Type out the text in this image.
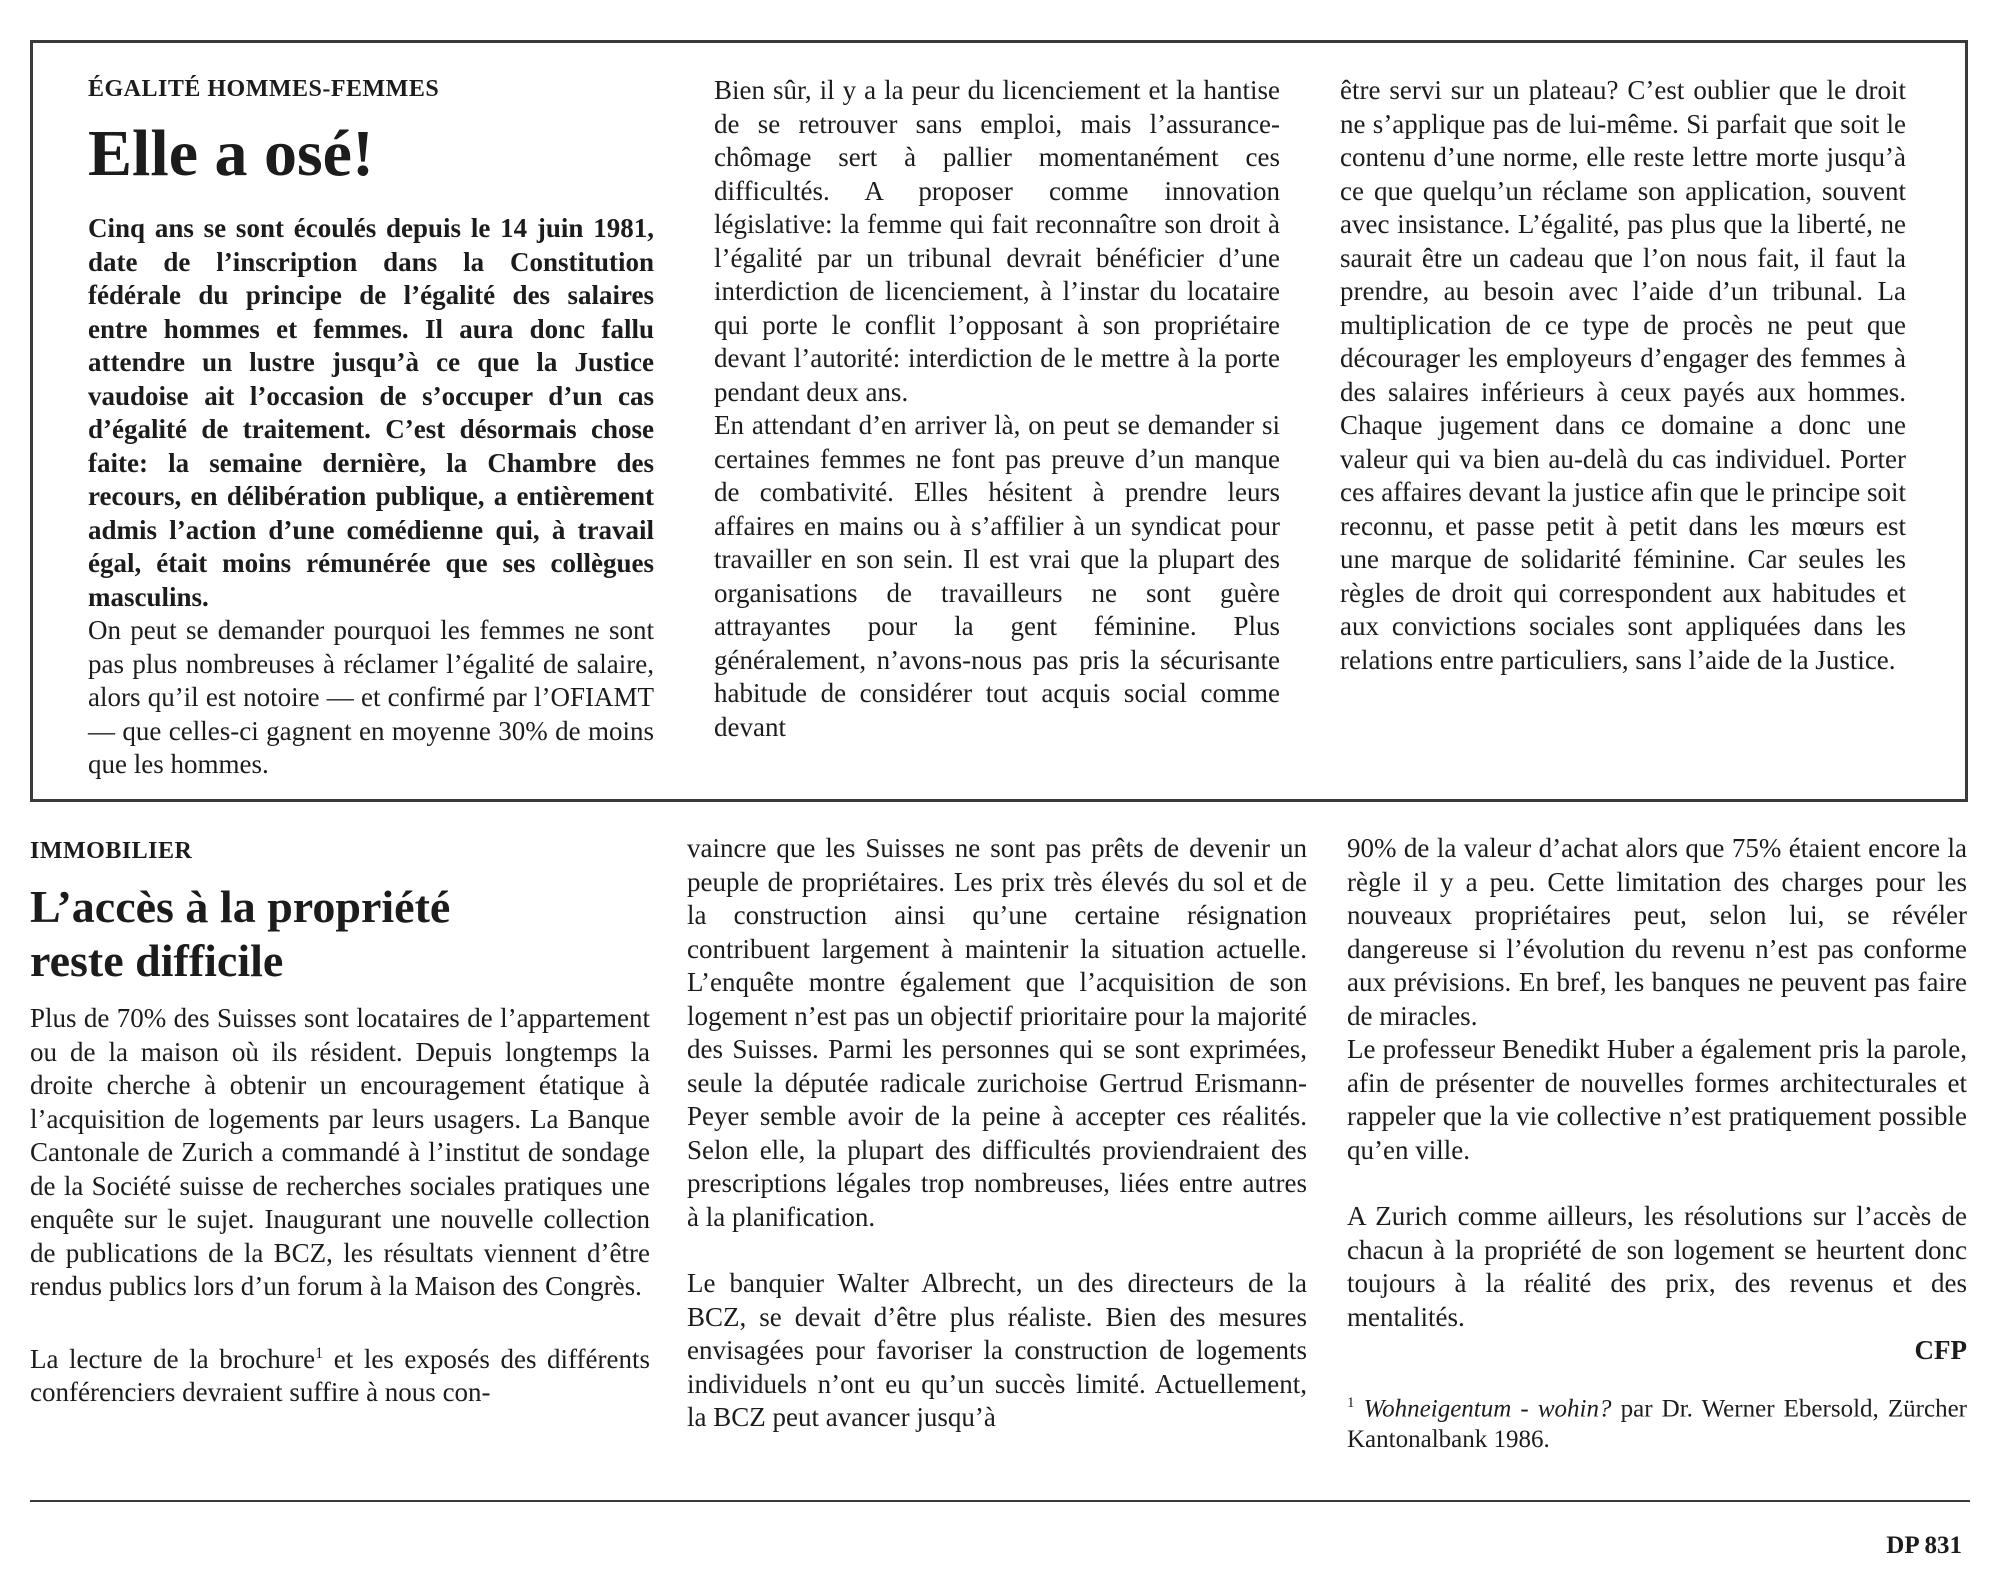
ÉGALITÉ HOMMES-FEMMES

Elle a osé!

Cinq ans se sont écoulés depuis le 14 juin 1981, date de l’inscription dans la Constitution fédérale du principe de l’égalité des salaires entre hommes et femmes. Il aura donc fallu attendre un lustre jusqu’à ce que la Justice vaudoise ait l’occasion de s’occuper d’un cas d’égalité de traitement. C’est désormais chose faite: la semaine dernière, la Chambre des recours, en délibération publique, a entièrement admis l’action d’une comédienne qui, à travail égal, était moins rémunérée que ses collègues masculins.

On peut se demander pourquoi les femmes ne sont pas plus nombreuses à réclamer l’égalité de salaire, alors qu’il est notoire — et confirmé par l’OFIAMT — que celles-ci gagnent en moyenne 30% de moins que les hommes.

Bien sûr, il y a la peur du licenciement et la hantise de se retrouver sans emploi, mais l’assurance-chômage sert à pallier momentanément ces difficultés. A proposer comme innovation législative: la femme qui fait reconnaître son droit à l’égalité par un tribunal devrait bénéficier d’une interdiction de licenciement, à l’instar du locataire qui porte le conflit l’opposant à son propriétaire devant l’autorité: interdiction de le mettre à la porte pendant deux ans.

En attendant d’en arriver là, on peut se demander si certaines femmes ne font pas preuve d’un manque de combativité. Elles hésitent à prendre leurs affaires en mains ou à s’affilier à un syndicat pour travailler en son sein. Il est vrai que la plupart des organisations de travailleurs ne sont guère attrayantes pour la gent féminine. Plus généralement, n’avons-nous pas pris la sécurisante habitude de considérer tout acquis social comme devant

être servi sur un plateau? C’est oublier que le droit ne s’applique pas de lui-même. Si parfait que soit le contenu d’une norme, elle reste lettre morte jusqu’à ce que quelqu’un réclame son application, souvent avec insistance. L’égalité, pas plus que la liberté, ne saurait être un cadeau que l’on nous fait, il faut la prendre, au besoin avec l’aide d’un tribunal. La multiplication de ce type de procès ne peut que décourager les employeurs d’engager des femmes à des salaires inférieurs à ceux payés aux hommes. Chaque jugement dans ce domaine a donc une valeur qui va bien au-delà du cas individuel. Porter ces affaires devant la justice afin que le principe soit reconnu, et passe petit à petit dans les mœurs est une marque de solidarité féminine. Car seules les règles de droit qui correspondent aux habitudes et aux convictions sociales sont appliquées dans les relations entre particuliers, sans l’aide de la Justice.

IMMOBILIER

L’accès à la propriété
reste difficile

Plus de 70% des Suisses sont locataires de l’appartement ou de la maison où ils résident. Depuis longtemps la droite cherche à obtenir un encouragement étatique à l’acquisition de logements par leurs usagers. La Banque Cantonale de Zurich a commandé à l’institut de sondage de la Société suisse de recherches sociales pratiques une enquête sur le sujet. Inaugurant une nouvelle collection de publications de la BCZ, les résultats viennent d’être rendus publics lors d’un forum à la Maison des Congrès.

La lecture de la brochure$^1$ et les exposés des différents conférenciers devraient suffire à nous con-

vaincre que les Suisses ne sont pas prêts de devenir un peuple de propriétaires. Les prix très élevés du sol et de la construction ainsi qu’une certaine résignation contribuent largement à maintenir la situation actuelle. L’enquête montre également que l’acquisition de son logement n’est pas un objectif prioritaire pour la majorité des Suisses. Parmi les personnes qui se sont exprimées, seule la députée radicale zurichoise Gertrud Erismann-Peyer semble avoir de la peine à accepter ces réalités. Selon elle, la plupart des difficultés proviendraient des prescriptions légales trop nombreuses, liées entre autres à la planification.

Le banquier Walter Albrecht, un des directeurs de la BCZ, se devait d’être plus réaliste. Bien des mesures envisagées pour favoriser la construction de logements individuels n’ont eu qu’un succès limité. Actuellement, la BCZ peut avancer jusqu’à

90% de la valeur d’achat alors que 75% étaient encore la règle il y a peu. Cette limitation des charges pour les nouveaux propriétaires peut, selon lui, se révéler dangereuse si l’évolution du revenu n’est pas conforme aux prévisions. En bref, les banques ne peuvent pas faire de miracles.

Le professeur Benedikt Huber a également pris la parole, afin de présenter de nouvelles formes architecturales et rappeler que la vie collective n’est pratiquement possible qu’en ville.

A Zurich comme ailleurs, les résolutions sur l’accès de chacun à la propriété de son logement se heurtent donc toujours à la réalité des prix, des revenus et des mentalités.

CFP

$^1$ Wohneigentum - wohin? par Dr. Werner Ebersold, Zürcher Kantonalbank 1986.

DP 831
